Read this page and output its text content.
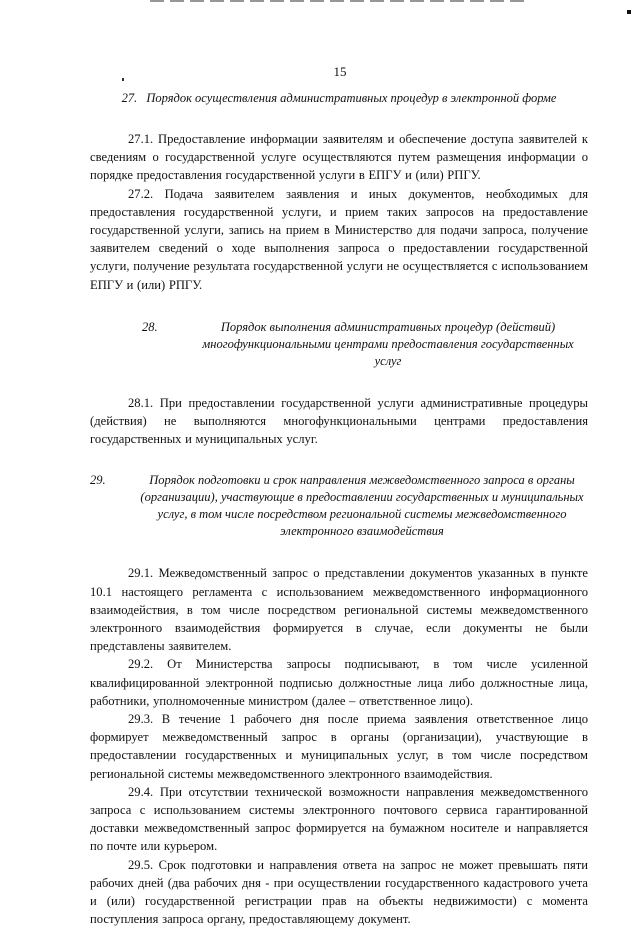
15
27. Порядок осуществления административных процедур в электронной форме

27.1. Предоставление информации заявителям и обеспечение доступа заявителей к сведениям о государственной услуге осуществляются путем размещения информации о порядке предоставления государственной услуги в ЕПГУ и (или) РПГУ.

27.2. Подача заявителем заявления и иных документов, необходимых для предоставления государственной услуги, и прием таких запросов на предоставление государственной услуги, запись на прием в Министерство для подачи запроса, получение заявителем сведений о ходе выполнения запроса о предоставлении государственной услуги, получение результата государственной услуги не осуществляется с использованием ЕПГУ и (или) РПГУ.

28.	Порядок выполнения административных процедур (действий) многофункциональными центрами предоставления государственных услуг

28.1. При предоставлении государственной услуги административные процедуры (действия) не выполняются многофункциональными центрами предоставления государственных и муниципальных услуг.

29.	Порядок подготовки и срок направления межведомственного запроса в органы (организации), участвующие в предоставлении государственных и муниципальных услуг, в том числе посредством региональной системы межведомственного электронного взаимодействия

29.1. Межведомственный запрос о представлении документов указанных в пункте 10.1 настоящего регламента с использованием межведомственного информационного взаимодействия, в том числе посредством региональной системы межведомственного электронного взаимодействия формируется в случае, если документы не были представлены заявителем.

29.2. От Министерства запросы подписывают, в том числе усиленной квалифицированной электронной подписью должностные лица либо должностные лица, работники, уполномоченные министром (далее – ответственное лицо).

29.3. В течение 1 рабочего дня после приема заявления ответственное лицо формирует межведомственный запрос в органы (организации), участвующие в предоставлении государственных и муниципальных услуг, в том числе посредством региональной системы межведомственного электронного взаимодействия.

29.4. При отсутствии технической возможности направления межведомственного запроса с использованием системы электронного почтового сервиса гарантированной доставки межведомственный запрос формируется на бумажном носителе и направляется по почте или курьером.

29.5. Срок подготовки и направления ответа на запрос не может превышать пяти рабочих дней (два рабочих дня - при осуществлении государственного кадастрового учета и (или) государственной регистрации прав на объекты недвижимости) с момента поступления запроса органу, предоставляющему документ.
